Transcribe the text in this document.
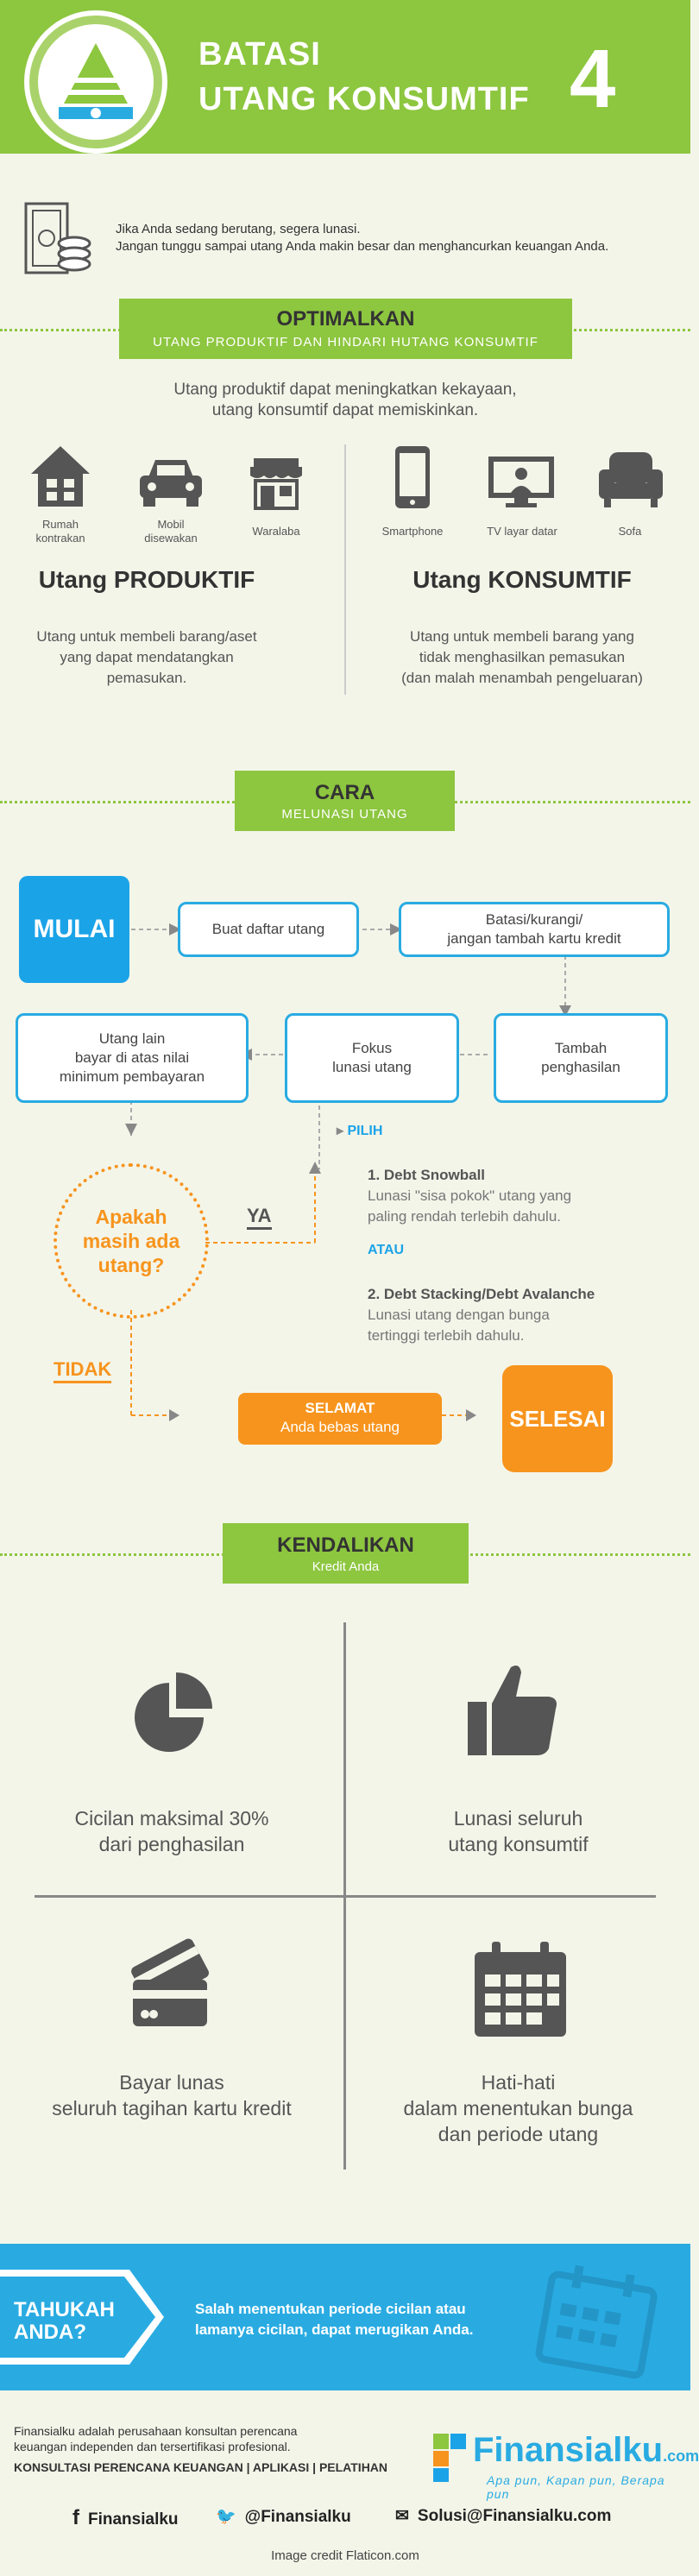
BATASI
UTANG KONSUMTIF 4
Jika Anda sedang berutang, segera lunasi.
Jangan tunggu sampai utang Anda makin besar dan menghancurkan keuangan Anda.
OPTIMALKAN
UTANG PRODUKTIF DAN HINDARI HUTANG KONSUMTIF
Utang produktif dapat meningkatkan kekayaan,
utang konsumtif dapat memiskinkan.
Rumah
kontrakan
Mobil
disewakan
Waralaba	Smartphone	TV layar datar	Sofa
Utang PRODUKTIF	Utang KONSUMTIF
Utang untuk membeli barang/aset
yang dapat mendatangkan
pemasukan.
Utang untuk membeli barang yang
tidak menghasilkan pemasukan
(dan malah menambah pengeluaran)
CARA
MELUNASI UTANG
MULAI	Buat daftar utang
Batasi/kurangi/
jangan tambah kartu kredit
Tambah
penghasilan
Fokus
lunasi utang
Utang lain
bayar di atas nilai
minimum pembayaran
▸ PILIH
1. Debt Snowball
Lunasi "sisa pokok" utang yang
paling rendah terlebih dahulu.
ATAU
2. Debt Stacking/Debt Avalanche
Lunasi utang dengan bunga
tertinggi terlebih dahulu.
Apakah
masih ada
utang?
YA
TIDAK
SELAMAT
Anda bebas utang	SELESAI
KENDALIKAN
Kredit Anda
Cicilan maksimal 30%
dari penghasilan
Lunasi seluruh
utang konsumtif
Bayar lunas
seluruh tagihan kartu kredit
Hati-hati
dalam menentukan bunga
dan periode utang
TAHUKAH
ANDA?
Salah menentukan periode cicilan atau
lamanya cicilan, dapat merugikan Anda.
Finansialku adalah perusahaan konsultan perencana
keuangan independen dan tersertifikasi profesional.
KONSULTASI PERENCANA KEUANGAN | APLIKASI | PELATIHAN Finansialku.com
Apa pun, Kapan pun, Berapa pun
f Finansialku 🐦 @Finansialku	✉ Solusi@Finansialku.com
Image credit Flaticon.com
